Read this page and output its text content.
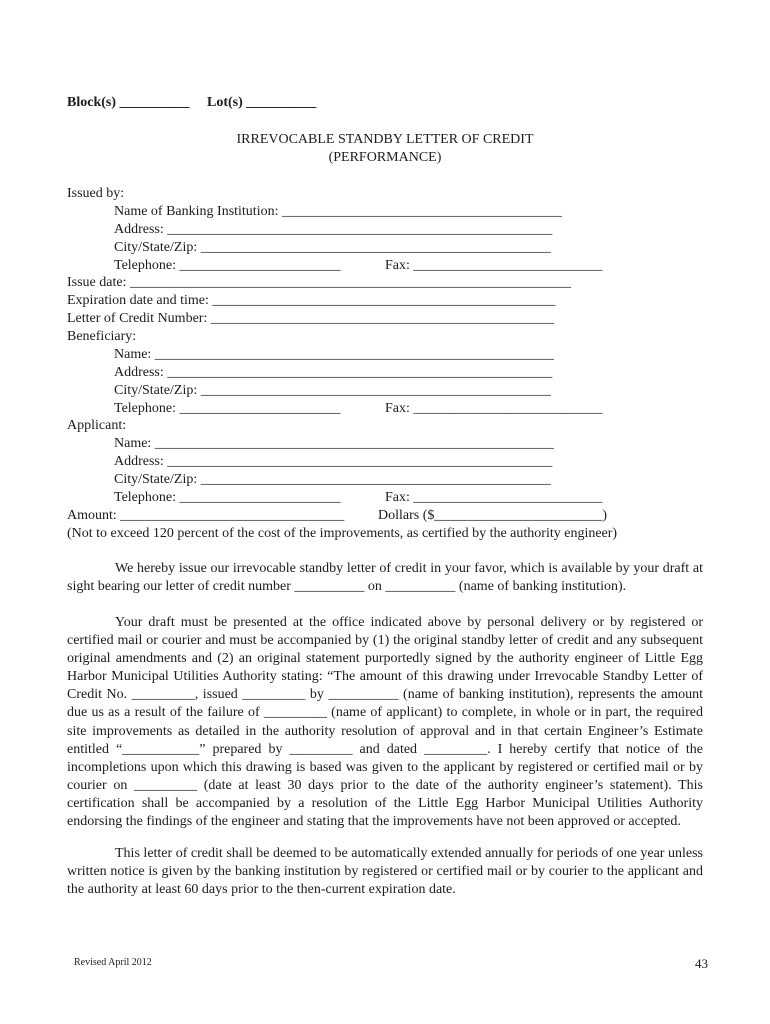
Block(s) __________ Lot(s) __________
IRREVOCABLE STANDBY LETTER OF CREDIT
(PERFORMANCE)
Issued by:
Name of Banking Institution: ________________________________________
Address: _______________________________________________________
City/State/Zip: __________________________________________________
Telephone: _______________________	Fax: ___________________________
Issue date: _______________________________________________________________
Expiration date and time: _________________________________________________
Letter of Credit Number: _________________________________________________
Beneficiary:
Name: _________________________________________________________
Address: _______________________________________________________
City/State/Zip: __________________________________________________
Telephone: _______________________	Fax: ___________________________
Applicant:
Name: _________________________________________________________
Address: _______________________________________________________
City/State/Zip: __________________________________________________
Telephone: _______________________	Fax: ___________________________
Amount: ________________________________ Dollars ($________________________)
(Not to exceed 120 percent of the cost of the improvements, as certified by the authority engineer)
We hereby issue our irrevocable standby letter of credit in your favor, which is available by your draft at sight bearing our letter of credit number __________ on __________ (name of banking institution).
Your draft must be presented at the office indicated above by personal delivery or by registered or certified mail or courier and must be accompanied by (1) the original standby letter of credit and any subsequent original amendments and (2) an original statement purportedly signed by the authority engineer of Little Egg Harbor Municipal Utilities Authority stating: “The amount of this drawing under Irrevocable Standby Letter of Credit No. _________, issued _________ by __________ (name of banking institution), represents the amount due us as a result of the failure of _________ (name of applicant) to complete, in whole or in part, the required site improvements as detailed in the authority resolution of approval and in that certain Engineer’s Estimate entitled “___________” prepared by _________ and dated _________. I hereby certify that notice of the incompletions upon which this drawing is based was given to the applicant by registered or certified mail or by courier on _________ (date at least 30 days prior to the date of the authority engineer’s statement). This certification shall be accompanied by a resolution of the Little Egg Harbor Municipal Utilities Authority endorsing the findings of the engineer and stating that the improvements have not been approved or accepted.
This letter of credit shall be deemed to be automatically extended annually for periods of one year unless written notice is given by the banking institution by registered or certified mail or by courier to the applicant and the authority at least 60 days prior to the then-current expiration date.
Revised April 2012	43
